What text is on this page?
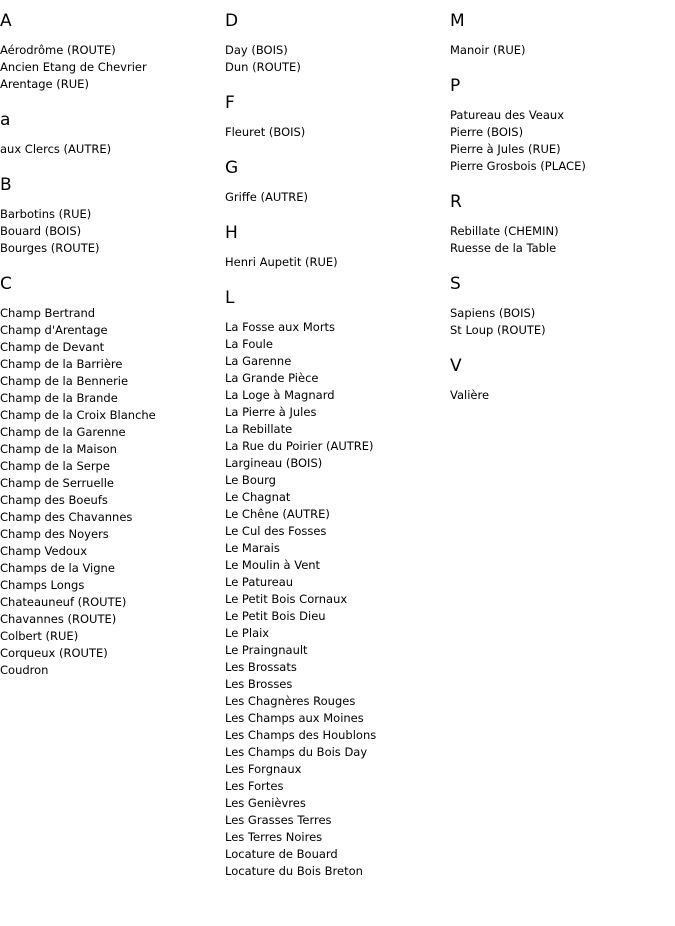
A
Aérodrôme (ROUTE)
Ancien Etang de Chevrier
Arentage (RUE)
a
aux Clercs (AUTRE)
B
Barbotins (RUE)
Bouard (BOIS)
Bourges (ROUTE)
C
Champ Bertrand
Champ d'Arentage
Champ de Devant
Champ de la Barrière
Champ de la Bennerie
Champ de la Brande
Champ de la Croix Blanche
Champ de la Garenne
Champ de la Maison
Champ de la Serpe
Champ de Serruelle
Champ des Boeufs
Champ des Chavannes
Champ des Noyers
Champ Vedoux
Champs de la Vigne
Champs Longs
Chateauneuf (ROUTE)
Chavannes (ROUTE)
Colbert (RUE)
Corqueux (ROUTE)
Coudron
D
Day (BOIS)
Dun (ROUTE)
F
Fleuret (BOIS)
G
Griffe (AUTRE)
H
Henri Aupetit (RUE)
L
La Fosse aux Morts
La Foule
La Garenne
La Grande Pièce
La Loge à Magnard
La Pierre à Jules
La Rebillate
La Rue du Poirier (AUTRE)
Largineau (BOIS)
Le Bourg
Le Chagnat
Le Chêne (AUTRE)
Le Cul des Fosses
Le Marais
Le Moulin à Vent
Le Patureau
Le Petit Bois Cornaux
Le Petit Bois Dieu
Le Plaix
Le Praingnault
Les Brossats
Les Brosses
Les Chagnères Rouges
Les Champs aux Moines
Les Champs des Houblons
Les Champs du Bois Day
Les Forgnaux
Les Fortes
Les Genièvres
Les Grasses Terres
Les Terres Noires
Locature de Bouard
Locature du Bois Breton
M
Manoir (RUE)
P
Patureau des Veaux
Pierre (BOIS)
Pierre à Jules (RUE)
Pierre Grosbois (PLACE)
R
Rebillate (CHEMIN)
Ruesse de la Table
S
Sapiens (BOIS)
St Loup (ROUTE)
V
Valière
